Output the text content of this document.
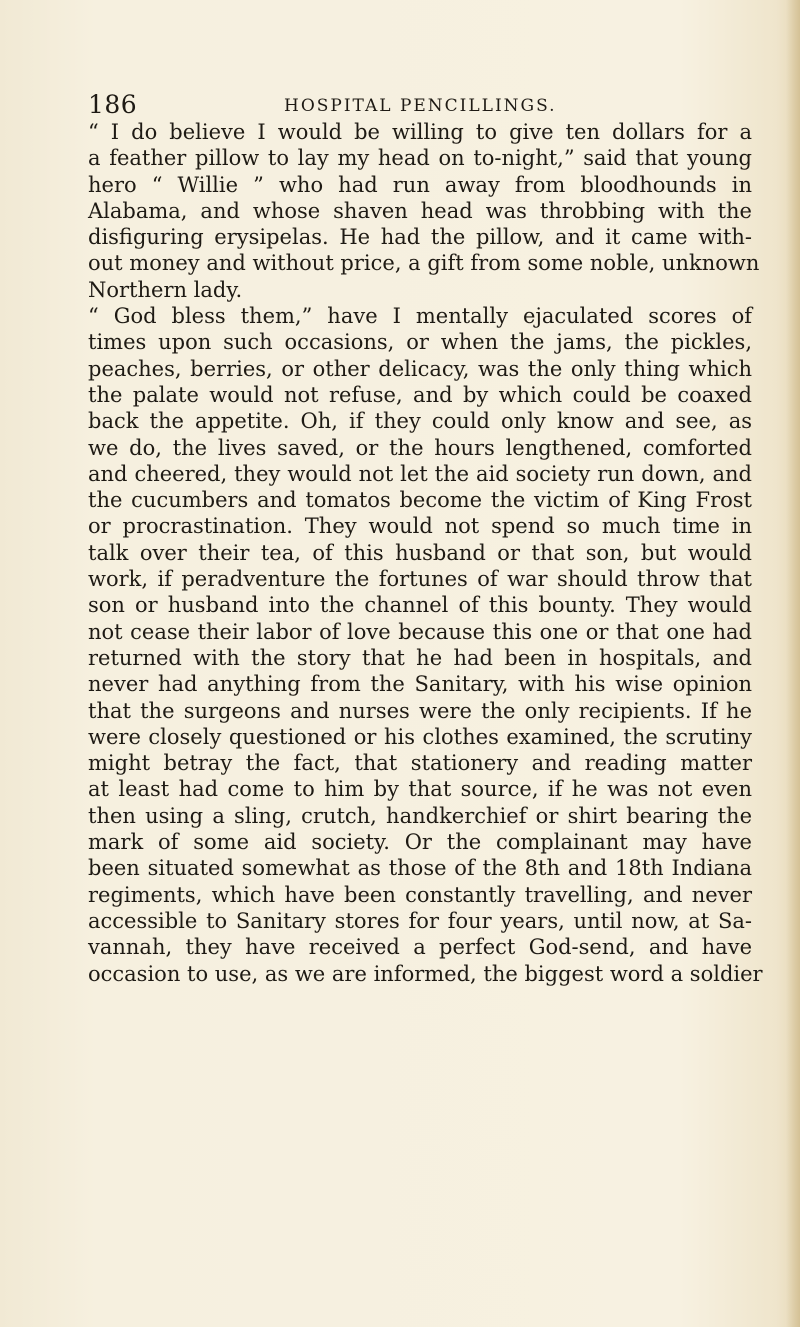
186	HOSPITAL PENCILLINGS.
“ I do believe I would be willing to give ten dollars for a
a feather pillow to lay my head on to-night,” said that young
hero “ Willie ” who had run away from bloodhounds in
Alabama, and whose shaven head was throbbing with the
disfiguring erysipelas. He had the pillow, and it came with-
out money and without price, a gift from some noble, unknown
Northern lady.
“ God bless them,” have I mentally ejaculated scores of
times upon such occasions, or when the jams, the pickles,
peaches, berries, or other delicacy, was the only thing which
the palate would not refuse, and by which could be coaxed
back the appetite. Oh, if they could only know and see, as
we do, the lives saved, or the hours lengthened, comforted
and cheered, they would not let the aid society run down, and
the cucumbers and tomatos become the victim of King Frost
or procrastination. They would not spend so much time in
talk over their tea, of this husband or that son, but would
work, if peradventure the fortunes of war should throw that
son or husband into the channel of this bounty. They would
not cease their labor of love because this one or that one had
returned with the story that he had been in hospitals, and
never had anything from the Sanitary, with his wise opinion
that the surgeons and nurses were the only recipients. If he
were closely questioned or his clothes examined, the scrutiny
might betray the fact, that stationery and reading matter
at least had come to him by that source, if he was not even
then using a sling, crutch, handkerchief or shirt bearing the
mark of some aid society. Or the complainant may have
been situated somewhat as those of the 8th and 18th Indiana
regiments, which have been constantly travelling, and never
accessible to Sanitary stores for four years, until now, at Sa-
vannah, they have received a perfect God-send, and have
occasion to use, as we are informed, the biggest word a soldier
